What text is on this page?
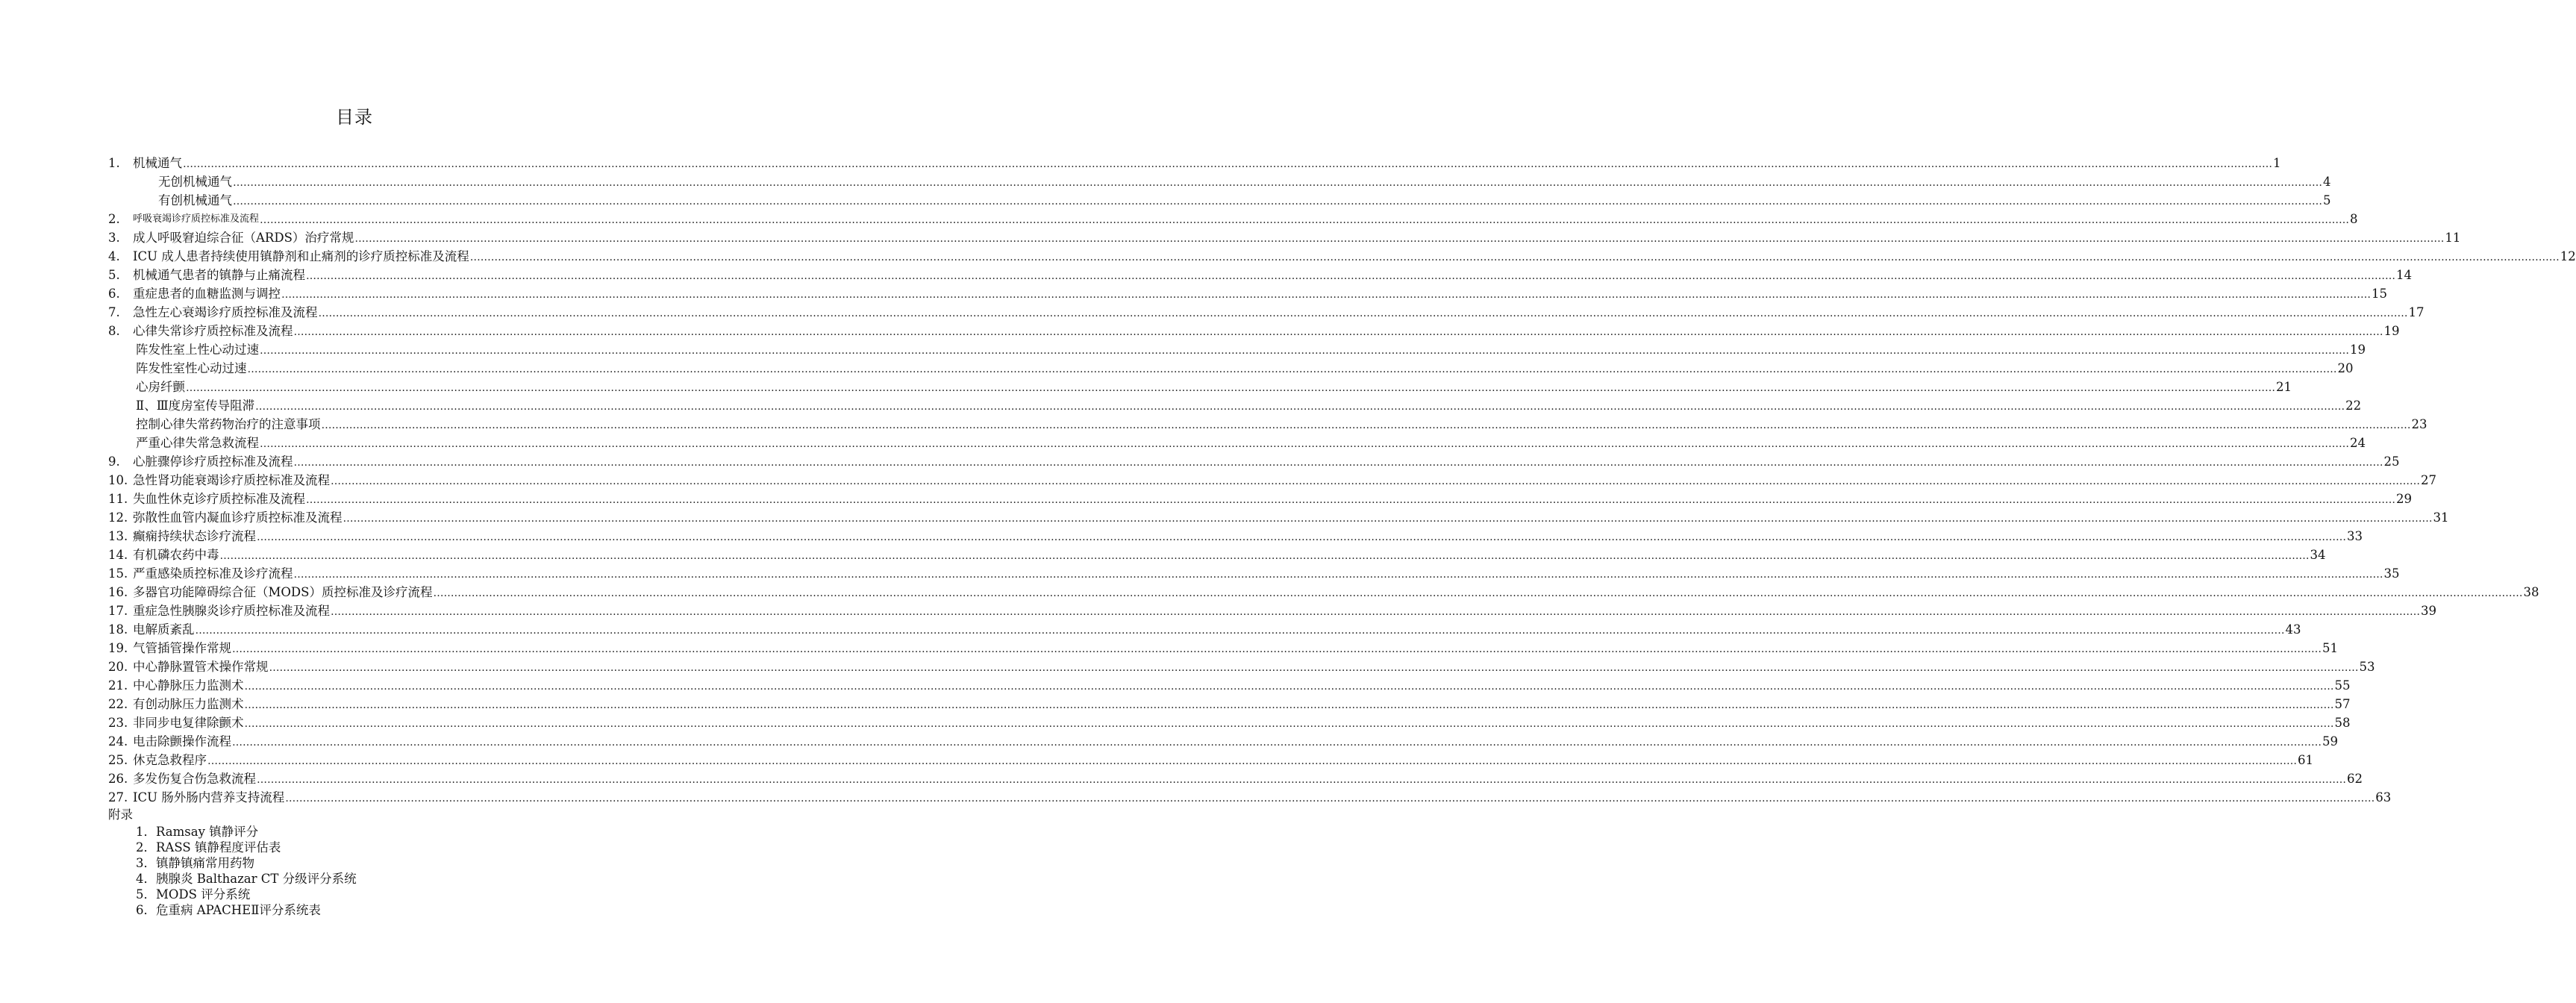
目录
1. 机械通气 …………………………………………………………………………………………………………………………………………………………………………………………………………………………………………………………………………………………………………………………………………………………………………………………………………………………………………………………………………………………………………………………………………………… 1
无创机械通气 …………………………………………………………………………………………………………………………………………………………………………………………………………………………………………………………………………………………………………………………………………………………………………………………………………………………………………………………………………………………………………………………………………………… 4
有创机械通气 …………………………………………………………………………………………………………………………………………………………………………………………………………………………………………………………………………………………………………………………………………………………………………………………………………………………………………………………………………………………………………………………………………………… 5
2. 呼吸衰竭诊疗质控标准及流程 …………………………………………………………………………………………………………………………………………………………………………………………………………………………………………………………………………………………………………………………………………………………………………………………………………………………………………………………………………………………………………………………………………………… 8
3. 成人呼吸窘迫综合征（ARDS）治疗常规 …………………………………………………………………………………………………………………………………………………………………………………………………………………………………………………………………………………………………………………………………………………………………………………………………………………………………………………………………………………………………………………………………………………… 11
4. ICU 成人患者持续使用镇静剂和止痛剂的诊疗质控标准及流程 …………………………………………………………………………………………………………………………………………………………………………………………………………………………………………………………………………………………………………………………………………………………………………………………………………………………………………………………………………………………………………………………………………………… 12
5. 机械通气患者的镇静与止痛流程 …………………………………………………………………………………………………………………………………………………………………………………………………………………………………………………………………………………………………………………………………………………………………………………………………………………………………………………………………………………………………………………………………………………… 14
6. 重症患者的血糖监测与调控 …………………………………………………………………………………………………………………………………………………………………………………………………………………………………………………………………………………………………………………………………………………………………………………………………………………………………………………………………………………………………………………………………………………… 15
7. 急性左心衰竭诊疗质控标准及流程 …………………………………………………………………………………………………………………………………………………………………………………………………………………………………………………………………………………………………………………………………………………………………………………………………………………………………………………………………………………………………………………………………………………… 17
8. 心律失常诊疗质控标准及流程 …………………………………………………………………………………………………………………………………………………………………………………………………………………………………………………………………………………………………………………………………………………………………………………………………………………………………………………………………………………………………………………………………………………… 19
阵发性室上性心动过速 …………………………………………………………………………………………………………………………………………………………………………………………………………………………………………………………………………………………………………………………………………………………………………………………………………………………………………………………………………………………………………………………………………………… 19
阵发性室性心动过速 …………………………………………………………………………………………………………………………………………………………………………………………………………………………………………………………………………………………………………………………………………………………………………………………………………………………………………………………………………………………………………………………………………………… 20
心房纤颤 …………………………………………………………………………………………………………………………………………………………………………………………………………………………………………………………………………………………………………………………………………………………………………………………………………………………………………………………………………………………………………………………………………………… 21
Ⅱ、Ⅲ度房室传导阻滞 …………………………………………………………………………………………………………………………………………………………………………………………………………………………………………………………………………………………………………………………………………………………………………………………………………………………………………………………………………………………………………………………………………………… 22
控制心律失常药物治疗的注意事项 …………………………………………………………………………………………………………………………………………………………………………………………………………………………………………………………………………………………………………………………………………………………………………………………………………………………………………………………………………………………………………………………………………………… 23
严重心律失常急救流程 …………………………………………………………………………………………………………………………………………………………………………………………………………………………………………………………………………………………………………………………………………………………………………………………………………………………………………………………………………………………………………………………………………………… 24
9. 心脏骤停诊疗质控标准及流程 …………………………………………………………………………………………………………………………………………………………………………………………………………………………………………………………………………………………………………………………………………………………………………………………………………………………………………………………………………………………………………………………………………………… 25
10. 急性肾功能衰竭诊疗质控标准及流程 …………………………………………………………………………………………………………………………………………………………………………………………………………………………………………………………………………………………………………………………………………………………………………………………………………………………………………………………………………………………………………………………………………………… 27
11. 失血性休克诊疗质控标准及流程 …………………………………………………………………………………………………………………………………………………………………………………………………………………………………………………………………………………………………………………………………………………………………………………………………………………………………………………………………………………………………………………………………………………… 29
12. 弥散性血管内凝血诊疗质控标准及流程 …………………………………………………………………………………………………………………………………………………………………………………………………………………………………………………………………………………………………………………………………………………………………………………………………………………………………………………………………………………………………………………………………………………… 31
13. 癫痫持续状态诊疗流程 …………………………………………………………………………………………………………………………………………………………………………………………………………………………………………………………………………………………………………………………………………………………………………………………………………………………………………………………………………………………………………………………………………………… 33
14. 有机磷农药中毒 …………………………………………………………………………………………………………………………………………………………………………………………………………………………………………………………………………………………………………………………………………………………………………………………………………………………………………………………………………………………………………………………………………………… 34
15. 严重感染质控标准及诊疗流程 …………………………………………………………………………………………………………………………………………………………………………………………………………………………………………………………………………………………………………………………………………………………………………………………………………………………………………………………………………………………………………………………………………………… 35
16. 多器官功能障碍综合征（MODS）质控标准及诊疗流程 …………………………………………………………………………………………………………………………………………………………………………………………………………………………………………………………………………………………………………………………………………………………………………………………………………………………………………………………………………………………………………………………………………………… 38
17. 重症急性胰腺炎诊疗质控标准及流程 …………………………………………………………………………………………………………………………………………………………………………………………………………………………………………………………………………………………………………………………………………………………………………………………………………………………………………………………………………………………………………………………………………………… 39
18. 电解质紊乱 …………………………………………………………………………………………………………………………………………………………………………………………………………………………………………………………………………………………………………………………………………………………………………………………………………………………………………………………………………………………………………………………………………………… 43
19. 气管插管操作常规 …………………………………………………………………………………………………………………………………………………………………………………………………………………………………………………………………………………………………………………………………………………………………………………………………………………………………………………………………………………………………………………………………………………… 51
20. 中心静脉置管术操作常规 …………………………………………………………………………………………………………………………………………………………………………………………………………………………………………………………………………………………………………………………………………………………………………………………………………………………………………………………………………………………………………………………………………………… 53
21. 中心静脉压力监测术 …………………………………………………………………………………………………………………………………………………………………………………………………………………………………………………………………………………………………………………………………………………………………………………………………………………………………………………………………………………………………………………………………………………… 55
22. 有创动脉压力监测术 …………………………………………………………………………………………………………………………………………………………………………………………………………………………………………………………………………………………………………………………………………………………………………………………………………………………………………………………………………………………………………………………………………………… 57
23. 非同步电复律除颤术 …………………………………………………………………………………………………………………………………………………………………………………………………………………………………………………………………………………………………………………………………………………………………………………………………………………………………………………………………………………………………………………………………………………… 58
24. 电击除颤操作流程 …………………………………………………………………………………………………………………………………………………………………………………………………………………………………………………………………………………………………………………………………………………………………………………………………………………………………………………………………………………………………………………………………………………… 59
25. 休克急救程序 …………………………………………………………………………………………………………………………………………………………………………………………………………………………………………………………………………………………………………………………………………………………………………………………………………………………………………………………………………………………………………………………………………………… 61
26. 多发伤复合伤急救流程 …………………………………………………………………………………………………………………………………………………………………………………………………………………………………………………………………………………………………………………………………………………………………………………………………………………………………………………………………………………………………………………………………………………… 62
27. ICU 肠外肠内营养支持流程 …………………………………………………………………………………………………………………………………………………………………………………………………………………………………………………………………………………………………………………………………………………………………………………………………………………………………………………………………………………………………………………………………………………… 63
附录
1．Ramsay 镇静评分
2．RASS 镇静程度评估表
3．镇静镇痛常用药物
4．胰腺炎 Balthazar CT 分级评分系统
5．MODS 评分系统
6．危重病 APACHEⅡ评分系统表
